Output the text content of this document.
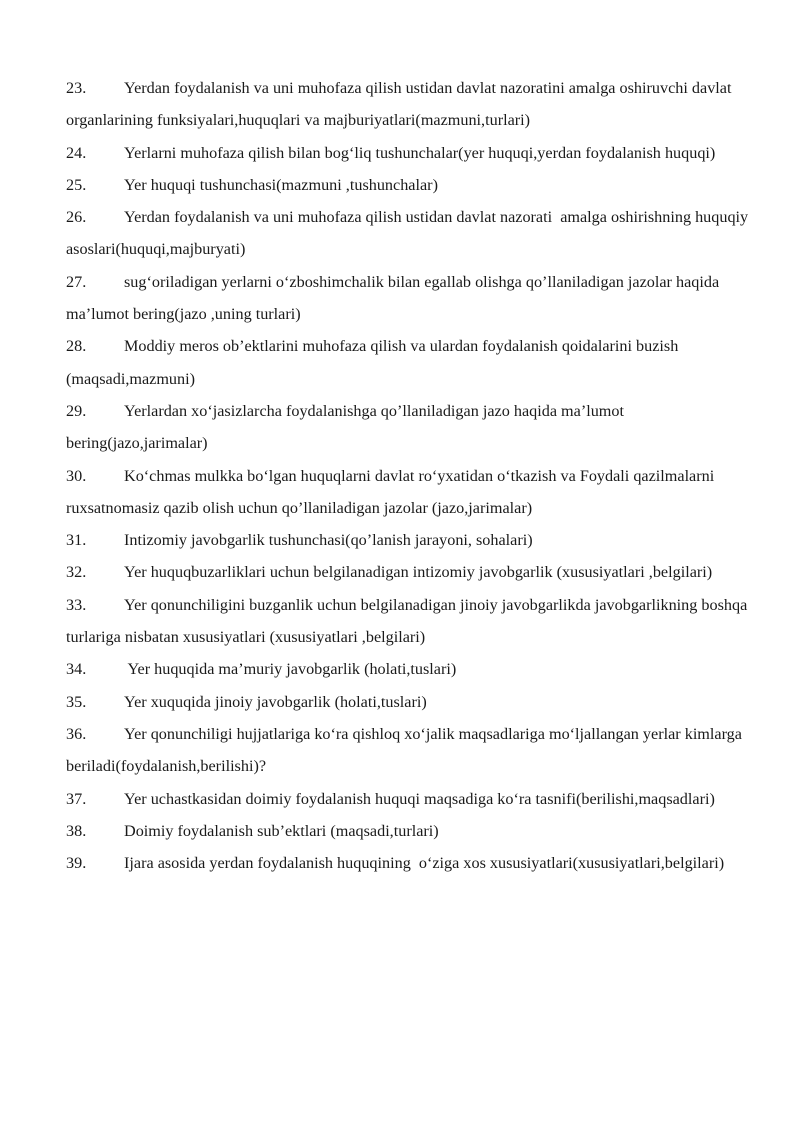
23. Yerdan foydalanish va uni muhofaza qilish ustidan davlat nazoratini amalga oshiruvchi davlat organlarining funksiyalari,huquqlari va majburiyatlari(mazmuni,turlari)

24. Yerlarni muhofaza qilish bilan bog‘liq tushunchalar(yer huquqi,yerdan foydalanish huquqi)

25. Yer huquqi tushunchasi(mazmuni ,tushunchalar)

26. Yerdan foydalanish va uni muhofaza qilish ustidan davlat nazorati  amalga oshirishning huquqiy asoslari(huquqi,majburyati)

27. sug‘oriladigan yerlarni o‘zboshimchalik bilan egallab olishga qo’llaniladigan jazolar haqida ma’lumot bering(jazo ,uning turlari)

28. Moddiy meros ob’ektlarini muhofaza qilish va ulardan foydalanish qoidalarini buzish (maqsadi,mazmuni)

29. Yerlardan xo‘jasizlarcha foydalanishga qo’llaniladigan jazo haqida ma’lumot bering(jazo,jarimalar)

30. Ko‘chmas mulkka bo‘lgan huquqlarni davlat ro‘yxatidan o‘tkazish va Foydali qazilmalarni ruxsatnomasiz qazib olish uchun qo’llaniladigan jazolar (jazo,jarimalar)

31. Intizomiy javobgarlik tushunchasi(qo’lanish jarayoni, sohalari)

32. Yer huquqbuzarliklari uchun belgilanadigan intizomiy javobgarlik (xususiyatlari ,belgilari)

33. Yer qonunchiligini buzganlik uchun belgilanadigan jinoiy javobgarlikda javobgarlikning boshqa turlariga nisbatan xususiyatlari (xususiyatlari ,belgilari)

34. Yer huquqida ma’muriy javobgarlik (holati,tuslari)

35. Yer xuquqida jinoiy javobgarlik (holati,tuslari)

36. Yer qonunchiligi hujjatlariga ko‘ra qishloq xo‘jalik maqsadlariga mo‘ljallangan yerlar kimlarga beriladi(foydalanish,berilishi)?

37. Yer uchastkasidan doimiy foydalanish huquqi maqsadiga ko‘ra tasnifi(berilishi,maqsadlari)

38. Doimiy foydalanish sub’ektlari (maqsadi,turlari)

39. Ijara asosida yerdan foydalanish huquqining  o‘ziga xos xususiyatlari(xususiyatlari,belgilari)
